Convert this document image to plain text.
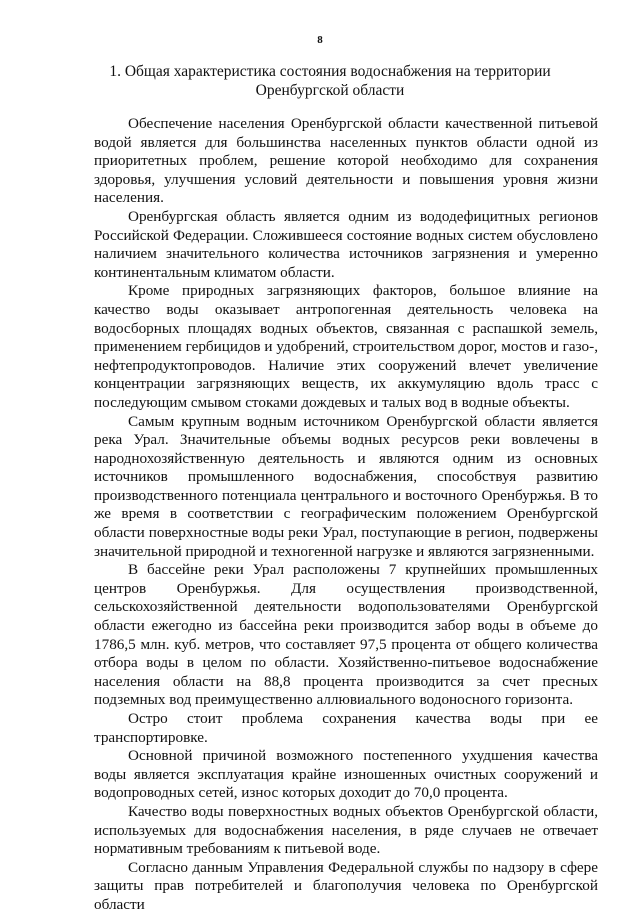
8
1. Общая характеристика состояния водоснабжения на территории Оренбургской области

Обеспечение населения Оренбургской области качественной питьевой водой является для большинства населенных пунктов области одной из приоритетных проблем, решение которой необходимо для сохранения здоровья, улучшения условий деятельности и повышения уровня жизни населения.

Оренбургская область является одним из вододефицитных регионов Российской Федерации. Сложившееся состояние водных систем обусловлено наличием значительного количества источников загрязнения и умеренно континентальным климатом области.

Кроме природных загрязняющих факторов, большое влияние на качество воды оказывает антропогенная деятельность человека на водосборных площадях водных объектов, связанная с распашкой земель, применением гербицидов и удобрений, строительством дорог, мостов и газо-, нефтепродуктопроводов. Наличие этих сооружений влечет увеличение концентрации загрязняющих веществ, их аккумуляцию вдоль трасс с последующим смывом стоками дождевых и талых вод в водные объекты.

Самым крупным водным источником Оренбургской области является река Урал. Значительные объемы водных ресурсов реки вовлечены в народнохозяйственную деятельность и являются одним из основных источников промышленного водоснабжения, способствуя развитию производственного потенциала центрального и восточного Оренбуржья. В то же время в соответствии с географическим положением Оренбургской области поверхностные воды реки Урал, поступающие в регион, подвержены значительной природной и техногенной нагрузке и являются загрязненными.

В бассейне реки Урал расположены 7 крупнейших промышленных центров Оренбуржья. Для осуществления производственной, сельскохозяйственной деятельности водопользователями Оренбургской области ежегодно из бассейна реки производится забор воды в объеме до 1786,5 млн. куб. метров, что составляет 97,5 процента от общего количества отбора воды в целом по области. Хозяйственно-питьевое водоснабжение населения области на 88,8 процента производится за счет пресных подземных вод преимущественно аллювиального водоносного горизонта.

Остро стоит проблема сохранения качества воды при ее транспортировке.

Основной причиной возможного постепенного ухудшения качества воды является эксплуатация крайне изношенных очистных сооружений и водопроводных сетей, износ которых доходит до 70,0 процента.

Качество воды поверхностных водных объектов Оренбургской области, используемых для водоснабжения населения, в ряде случаев не отвечает нормативным требованиям к питьевой воде.

Согласно данным Управления Федеральной службы по надзору в сфере защиты прав потребителей и благополучия человека по Оренбургской области
